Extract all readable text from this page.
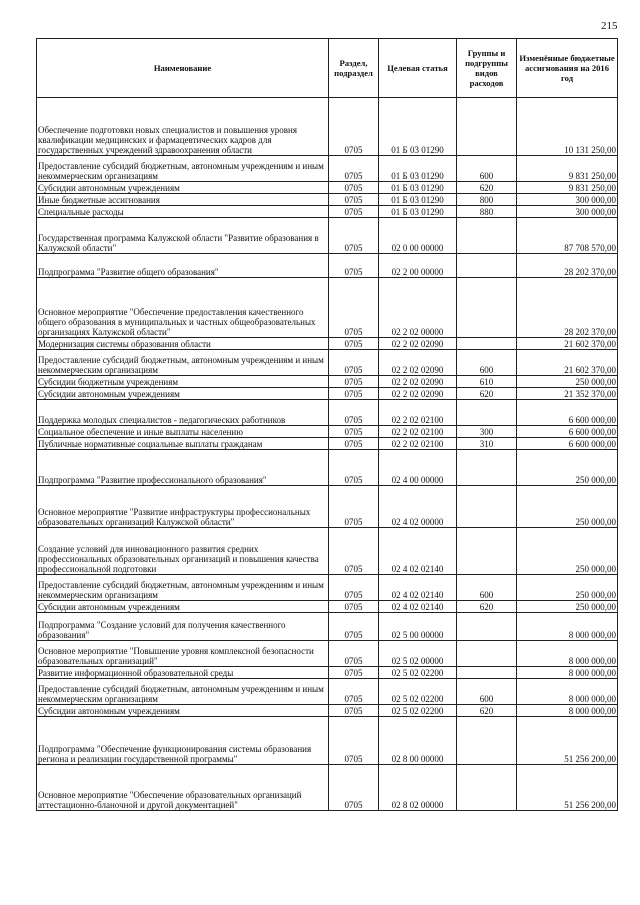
215
Наименование	Раздел, подраздел	Целевая статья	Группы и подгруппы видов расходов	Изменённые бюджетные ассигнования на 2016 год
Обеспечение подготовки новых специалистов и повышения уровня квалификации медицинских и фармацевтических кадров для государственных учреждений здравоохранения области	0705	01 Б 03 01290		10 131 250,00
Предоставление субсидий бюджетным, автономным учреждениям и иным некоммерческим организациям	0705	01 Б 03 01290	600	9 831 250,00
Субсидии автономным учреждениям	0705	01 Б 03 01290	620	9 831 250,00
Иные бюджетные ассигнования	0705	01 Б 03 01290	800	300 000,00
Специальные расходы	0705	01 Б 03 01290	880	300 000,00
Государственная программа Калужской области "Развитие образования в Калужской области"	0705	02 0 00 00000		87 708 570,00
Подпрограмма "Развитие общего образования"	0705	02 2 00 00000		28 202 370,00
Основное мероприятие "Обеспечение предоставления качественного общего образования в муниципальных и частных общеобразовательных организациях Калужской области"	0705	02 2 02 00000		28 202 370,00
Модернизация системы образования области	0705	02 2 02 02090		21 602 370,00
Предоставление субсидий бюджетным, автономным учреждениям и иным некоммерческим организациям	0705	02 2 02 02090	600	21 602 370,00
Субсидии бюджетным учреждениям	0705	02 2 02 02090	610	250 000,00
Субсидии автономным учреждениям	0705	02 2 02 02090	620	21 352 370,00
Поддержка молодых специалистов - педагогических работников	0705	02 2 02 02100		6 600 000,00
Социальное обеспечение и иные выплаты населению	0705	02 2 02 02100	300	6 600 000,00
Публичные нормативные социальные выплаты гражданам	0705	02 2 02 02100	310	6 600 000,00
Подпрограмма "Развитие профессионального образования"	0705	02 4 00 00000		250 000,00
Основное мероприятие "Развитие инфраструктуры профессиональных образовательных организаций Калужской области"	0705	02 4 02 00000		250 000,00
Создание условий для инновационного развития средних профессиональных образовательных организаций и повышения качества профессиональной подготовки	0705	02 4 02 02140		250 000,00
Предоставление субсидий бюджетным, автономным учреждениям и иным некоммерческим организациям	0705	02 4 02 02140	600	250 000,00
Субсидии автономным учреждениям	0705	02 4 02 02140	620	250 000,00
Подпрограмма "Создание условий для получения качественного образования"	0705	02 5 00 00000		8 000 000,00
Основное мероприятие "Повышение уровня комплексной безопасности образовательных организаций"	0705	02 5 02 00000		8 000 000,00
Развитие информационной образовательной среды	0705	02 5 02 02200		8 000 000,00
Предоставление субсидий бюджетным, автономным учреждениям и иным некоммерческим организациям	0705	02 5 02 02200	600	8 000 000,00
Субсидии автономным учреждениям	0705	02 5 02 02200	620	8 000 000,00
Подпрограмма "Обеспечение функционирования системы образования региона и реализации государственной программы"	0705	02 8 00 00000		51 256 200,00
Основное мероприятие "Обеспечение образовательных организаций аттестационно-бланочной и другой документацией"	0705	02 8 02 00000		51 256 200,00
